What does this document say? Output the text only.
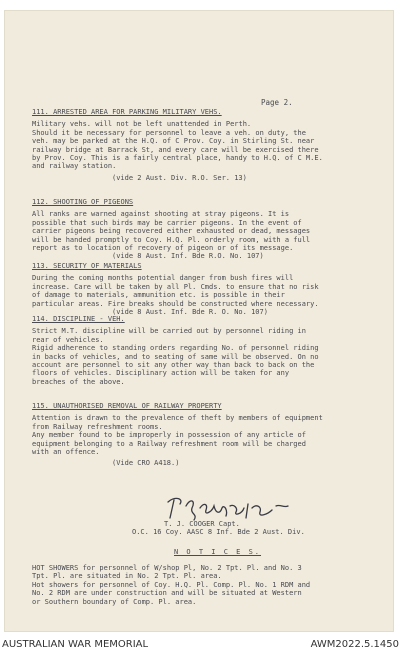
Page 2.

111. ARRESTED AREA FOR PARKING MILITARY VEHS.

Military vehs. will not be left unattended in Perth.

Should it be necessary for personnel to leave a veh. on duty, the

veh. may be parked at the H.Q. of C Prov. Coy. in Stirling St. near

railway bridge at Barrack St, and every care will be exercised there

by Prov. Coy. This is a fairly central place, handy to H.Q. of C M.E.

and railway station.

(vide 2 Aust. Div. R.O. Ser. 13)

112. SHOOTING OF PIGEONS

All ranks are warned against shooting at stray pigeons. It is

possible that such birds may be carrier pigeons. In the event of

carrier pigeons being recovered either exhausted or dead, messages

will be handed promptly to Coy. H.Q. Pl. orderly room, with a full

report as to location of recovery of pigeon or of its message.

(vide 8 Aust. Inf. Bde R.O. No. 107)

113. SECURITY OF MATERIALS

During the coming months potential danger from bush fires will

increase. Care will be taken by all Pl. Cmds. to ensure that no risk

of damage to materials, ammunition etc. is possible in their

particular areas. Fire breaks should be constructed where necessary.

(vide 8 Aust. Inf. Bde R. O. No. 107)

114. DISCIPLINE - VEH.

Strict M.T. discipline will be carried out by personnel riding in

rear of vehicles.

Rigid adherence to standing orders regarding No. of personnel riding

in backs of vehicles, and to seating of same will be observed. On no

account are personnel to sit any other way than back to back on the

floors of vehicles. Disciplinary action will be taken for any

breaches of the above.

115. UNAUTHORISED REMOVAL OF RAILWAY PROPERTY

Attention is drawn to the prevalence of theft by members of equipment

from Railway refreshment rooms.

Any member found to be improperly in possession of any article of

equipment belonging to a Railway refreshment room will be charged

with an offence.

(Vide CRO A418.)

T. J. COOGER Capt.

O.C. 16 Coy. AASC 8 Inf. Bde 2 Aust. Div.

N O T I C E S.

HOT SHOWERS for personnel of W/shop Pl, No. 2 Tpt. Pl. and No. 3

Tpt. Pl. are situated in No. 2 Tpt. Pl. area.

Hot showers for personnel of Coy. H.Q. Pl. Comp. Pl. No. 1 RDM and

No. 2 RDM are under construction and will be situated at Western

or Southern boundary of Comp. Pl. area.

AUSTRALIAN WAR MEMORIAL	AWM2022.5.1450
